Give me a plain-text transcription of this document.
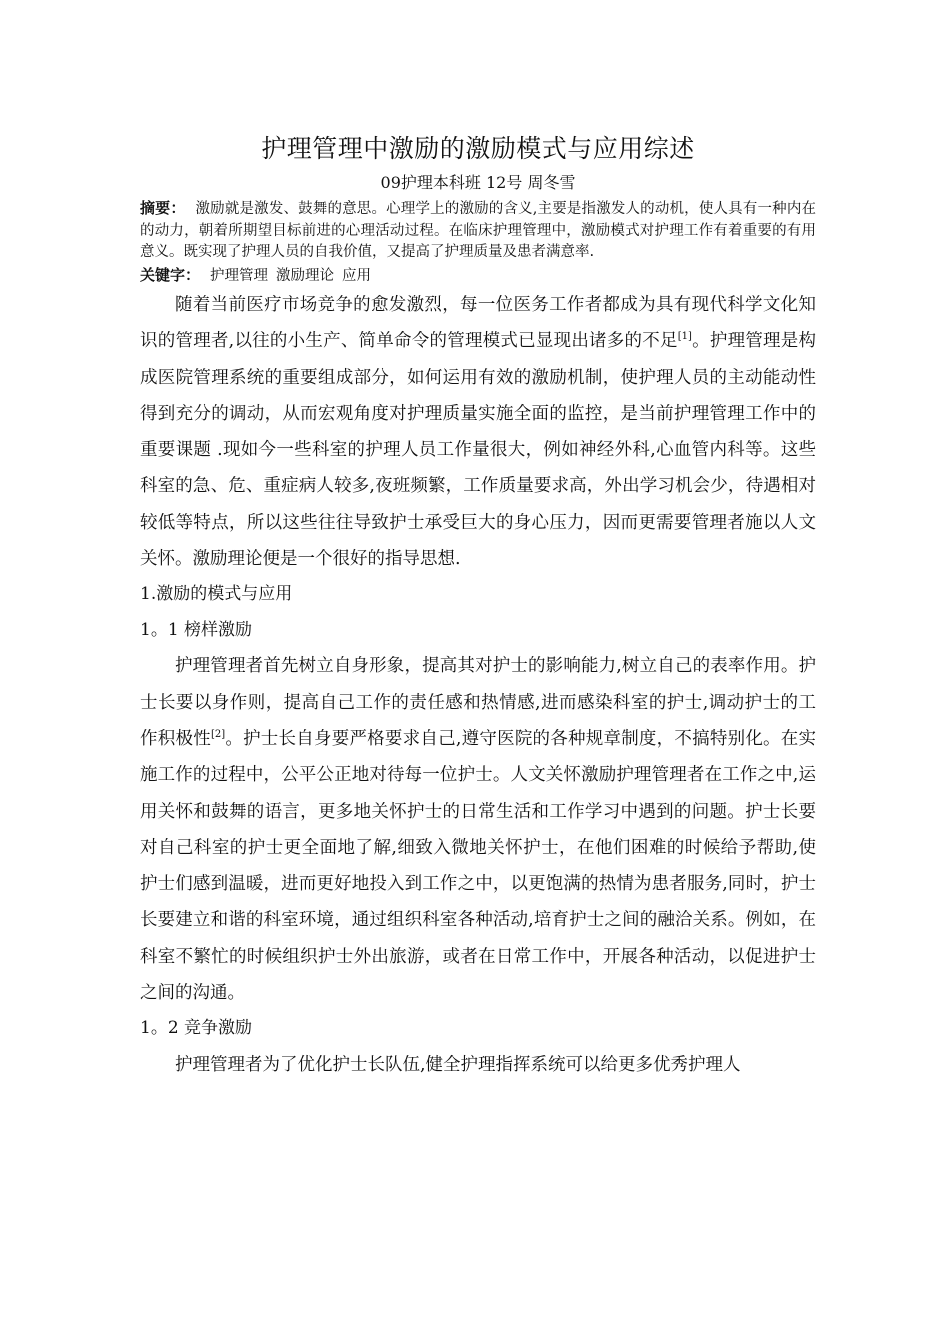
护理管理中激励的激励模式与应用综述

09护理本科班 12号 周冬雪

摘要： 激励就是激发、鼓舞的意思。心理学上的激励的含义,主要是指激发人的动机，使人具有一种内在的动力，朝着所期望目标前进的心理活动过程。在临床护理管理中，激励模式对护理工作有着重要的有用意义。既实现了护理人员的自我价值，又提高了护理质量及患者满意率.

关键字： 护理管理 激励理论 应用

随着当前医疗市场竞争的愈发激烈，每一位医务工作者都成为具有现代科学文化知识的管理者,以往的小生产、简单命令的管理模式已显现出诸多的不足[1]。护理管理是构成医院管理系统的重要组成部分，如何运用有效的激励机制，使护理人员的主动能动性得到充分的调动，从而宏观角度对护理质量实施全面的监控，是当前护理管理工作中的重要课题 .现如今一些科室的护理人员工作量很大，例如神经外科,心血管内科等。这些科室的急、危、重症病人较多,夜班频繁，工作质量要求高，外出学习机会少，待遇相对较低等特点，所以这些往往导致护士承受巨大的身心压力，因而更需要管理者施以人文关怀。激励理论便是一个很好的指导思想.

1.激励的模式与应用

1。1 榜样激励

护理管理者首先树立自身形象，提高其对护士的影响能力,树立自己的表率作用。护士长要以身作则，提高自己工作的责任感和热情感,进而感染科室的护士,调动护士的工作积极性[2]。护士长自身要严格要求自己,遵守医院的各种规章制度，不搞特别化。在实施工作的过程中，公平公正地对待每一位护士。人文关怀激励护理管理者在工作之中,运用关怀和鼓舞的语言，更多地关怀护士的日常生活和工作学习中遇到的问题。护士长要对自己科室的护士更全面地了解,细致入微地关怀护士，在他们困难的时候给予帮助,使护士们感到温暖，进而更好地投入到工作之中，以更饱满的热情为患者服务,同时，护士长要建立和谐的科室环境，通过组织科室各种活动,培育护士之间的融洽关系。例如，在科室不繁忙的时候组织护士外出旅游，或者在日常工作中，开展各种活动，以促进护士之间的沟通。

1。2 竞争激励

护理管理者为了优化护士长队伍,健全护理指挥系统可以给更多优秀护理人
